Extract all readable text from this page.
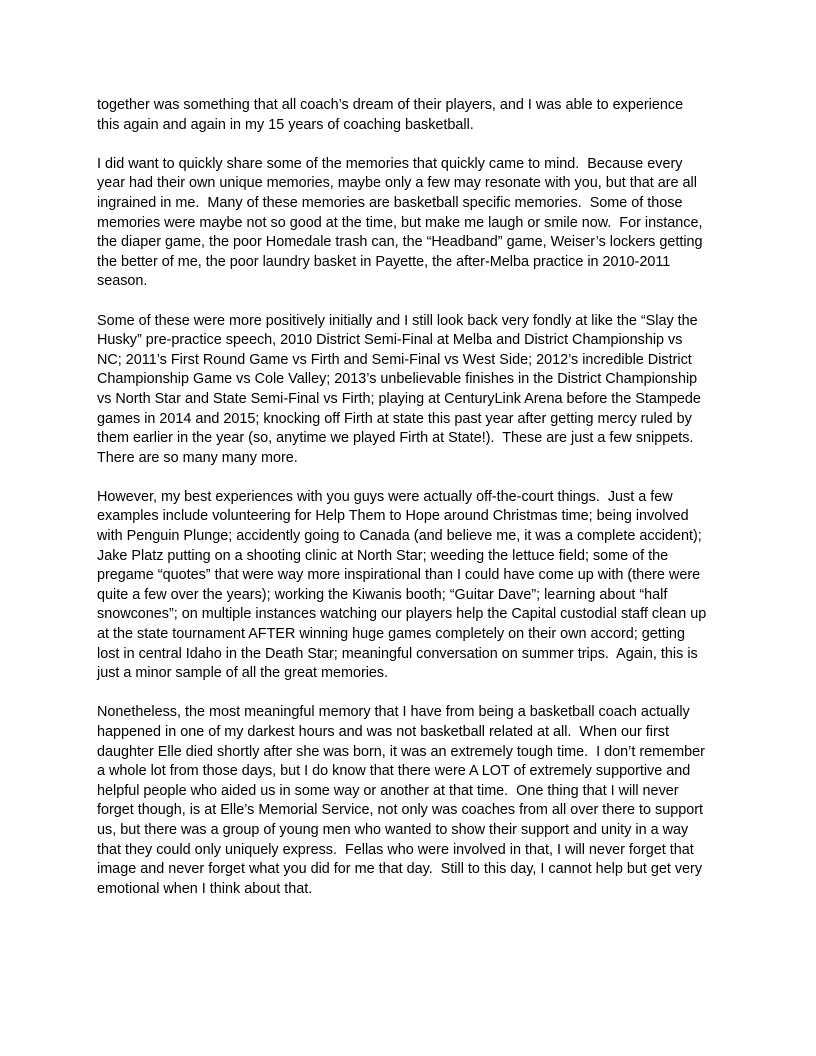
together was something that all coach’s dream of their players, and I was able to experience
this again and again in my 15 years of coaching basketball.

I did want to quickly share some of the memories that quickly came to mind.  Because every
year had their own unique memories, maybe only a few may resonate with you, but that are all
ingrained in me.  Many of these memories are basketball specific memories.  Some of those
memories were maybe not so good at the time, but make me laugh or smile now.  For instance,
the diaper game, the poor Homedale trash can, the “Headband” game, Weiser’s lockers getting
the better of me, the poor laundry basket in Payette, the after-Melba practice in 2010-2011
season.

Some of these were more positively initially and I still look back very fondly at like the “Slay the
Husky” pre-practice speech, 2010 District Semi-Final at Melba and District Championship vs
NC; 2011’s First Round Game vs Firth and Semi-Final vs West Side; 2012’s incredible District
Championship Game vs Cole Valley; 2013’s unbelievable finishes in the District Championship
vs North Star and State Semi-Final vs Firth; playing at CenturyLink Arena before the Stampede
games in 2014 and 2015; knocking off Firth at state this past year after getting mercy ruled by
them earlier in the year (so, anytime we played Firth at State!).  These are just a few snippets.
There are so many many more.

However, my best experiences with you guys were actually off-the-court things.  Just a few
examples include volunteering for Help Them to Hope around Christmas time; being involved
with Penguin Plunge; accidently going to Canada (and believe me, it was a complete accident);
Jake Platz putting on a shooting clinic at North Star; weeding the lettuce field; some of the
pregame “quotes” that were way more inspirational than I could have come up with (there were
quite a few over the years); working the Kiwanis booth; “Guitar Dave”; learning about “half
snowcones”; on multiple instances watching our players help the Capital custodial staff clean up
at the state tournament AFTER winning huge games completely on their own accord; getting
lost in central Idaho in the Death Star; meaningful conversation on summer trips.  Again, this is
just a minor sample of all the great memories.

Nonetheless, the most meaningful memory that I have from being a basketball coach actually
happened in one of my darkest hours and was not basketball related at all.  When our first
daughter Elle died shortly after she was born, it was an extremely tough time.  I don’t remember
a whole lot from those days, but I do know that there were A LOT of extremely supportive and
helpful people who aided us in some way or another at that time.  One thing that I will never
forget though, is at Elle’s Memorial Service, not only was coaches from all over there to support
us, but there was a group of young men who wanted to show their support and unity in a way
that they could only uniquely express.  Fellas who were involved in that, I will never forget that
image and never forget what you did for me that day.  Still to this day, I cannot help but get very
emotional when I think about that.
